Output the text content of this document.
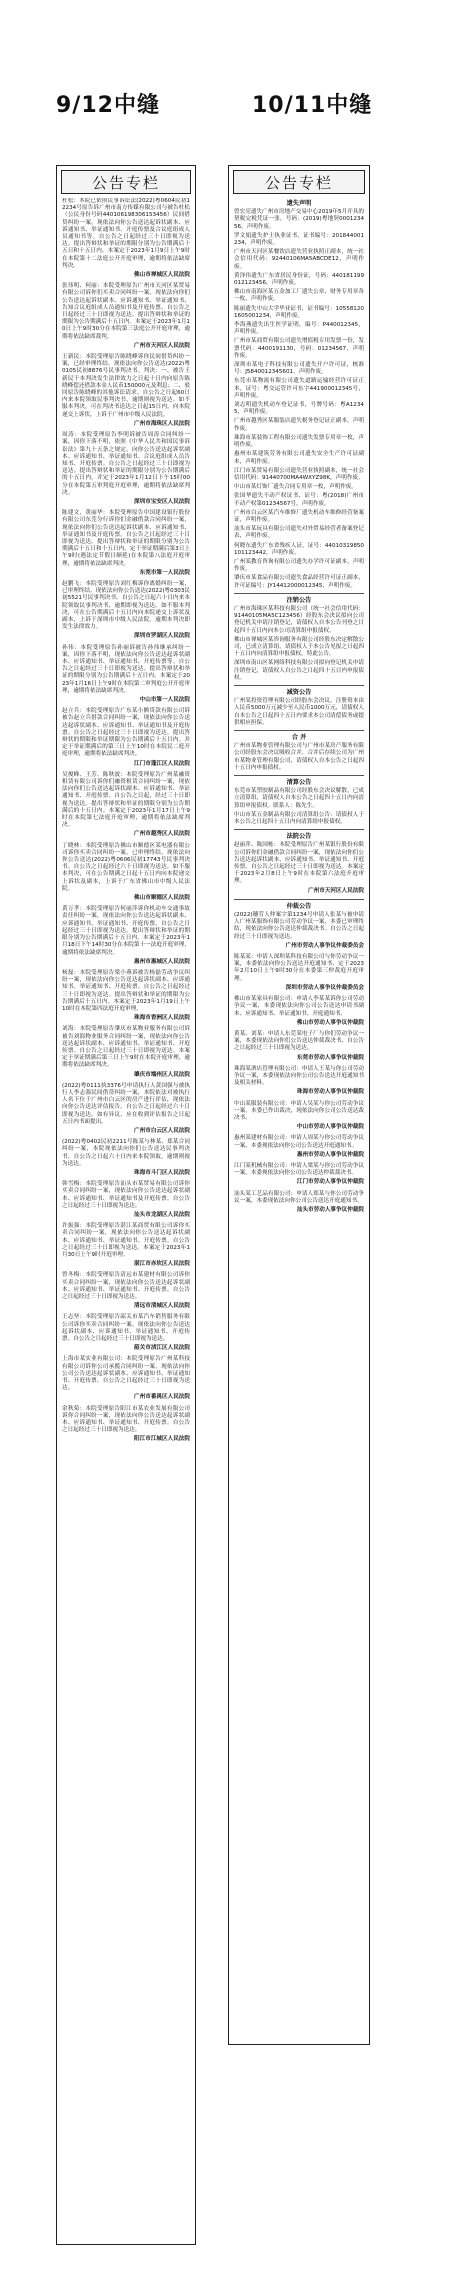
9/12中缝	10/11中缝
公告专栏

杜松：本院已依照民事诉讼法(2022)粤0604民初12234号原告诉广州市南方传媒有限公司与被告杜松（公民身份号码440106198306153456）民间借贷纠纷一案，现依法向你公告送达起诉状副本、应诉通知书、举证通知书、开庭传票及合议庭组成人员通知书等。自公告之日起经过三十日即视为送达。提出答辩状和举证的期限分别为公告期满后十五日和十五日内。本案定于2023年1月9日上午9时在本院第十二法庭公开开庭审理，逾期将依法缺席判决。

佛山市禅城区人民法院

张伟明、何丽：本院受理原告广州市天河区某贸易有限公司诉你们买卖合同纠纷一案，现依法向你们公告送达起诉状副本、应诉通知书、举证通知书、告知合议庭组成人员通知书及开庭传票。自公告之日起经过三十日即视为送达。提出答辩状和举证的期限为公告期满后十五日内。本案定于2023年1月10日上午9时30分在本院第三法庭公开开庭审理，逾期将依法缺席裁判。

广州市天河区人民法院

王新民：本院受理原告陈晓峰诉你民间借贷纠纷一案，已经审理终结。现依法向你公告送达(2022)粤0105民初8876号民事判决书。判决：一、被告王新民于本判决发生法律效力之日起十日内向原告陈晓峰偿还借款本金人民币150000元及利息；二、驳回原告陈晓峰的其他诉讼请求。自公告之日起60日内来本院领取民事判决书，逾期则视为送达。如不服本判决，可在判决书送达之日起15日内，向本院递交上诉状，上诉于广州市中级人民法院。

广州市海珠区人民法院

周涛：本院受理原告李明诉被告周涛合同纠纷一案，因你下落不明，依照《中华人民共和国民事诉讼法》第九十五条之规定，向你公告送达起诉状副本、应诉通知书、举证通知书、合议庭组成人员告知书、开庭传票。自公告之日起经过三十日即视为送达。提出答辩状和举证的期限分别为公告期满后的十五日内。并定于2023年1月12日下午15时00分在本院第五审判庭开庭审理，逾期将依法缺席判决。

深圳市宝安区人民法院

陈建文、黄丽华：本院受理原告中国建设银行股份有限公司东莞分行诉你们金融借款合同纠纷一案，现依法向你们公告送达起诉状副本、应诉通知书、举证通知书及开庭传票。自公告之日起经过三十日即视为送达。提出答辩状和举证的期限分别为公告期满后十五日和十五日内。定于举证期满后第3日上午9时(遇法定节假日顺延)在本院第八法庭开庭审理，逾期将依法缺席判决。

东莞市第一人民法院

赵鹏飞：本院受理原告刘红梅诉你离婚纠纷一案，已审理终结。现依法向你公告送达(2022)粤0303民初5521号民事判决书。自公告之日起六十日内来本院领取民事判决书，逾期即视为送达。如不服本判决，可在公告期满后十五日内向本院递交上诉状及副本，上诉于深圳市中级人民法院。逾期本判决即发生法律效力。

深圳市罗湖区人民法院

孙伟：本院受理原告孙丽诉被告孙伟继承纠纷一案，因你下落不明，现依法向你公告送达起诉状副本、应诉通知书、举证通知书、开庭传票等。自公告之日起经过三十日即视为送达。提出答辩状和举证的期限分别为公告期满后十五日内。本案定于2023年1月16日上午9时在本院第二审判庭公开开庭审理，逾期将依法缺席判决。

中山市第一人民法院

赵立兵：本院受理原告广东某小额贷款有限公司诉被告赵立兵借款合同纠纷一案，现依法向你公告送达起诉状副本、应诉通知书、举证通知书及开庭传票。自公告之日起经过三十日即视为送达。提出答辩状的期限和举证期限为公告期满后十五日内。并定于举证期满后的第三日上午10时在本院民二庭开庭审理，逾期将依法缺席判决。

江门市蓬江区人民法院

吴俊峰、王芳、陈秋波：本院受理原告广州某融资租赁有限公司诉你们融资租赁合同纠纷一案，现依法向你们公告送达起诉状副本、应诉通知书、举证通知书、开庭传票。自公告之日起，经过三十日即视为送达。提出答辩状和举证的期限分别为公告期满后的十五日内。本案定于2023年1月17日上午9时在本院第七法庭开庭审理，逾期将依法缺席判决。

广州市越秀区人民法院

丁晓林：本院受理原告佛山市顺德区某电器有限公司诉你买卖合同纠纷一案，已审理终结，现依法向你公告送达(2022)粤0606民初17743号民事判决书。自公告之日起经过六十日即视为送达。如不服本判决，可在公告期满之日起十五日内向本院递交上诉状及副本，上诉于广东省佛山市中级人民法院。

佛山市顺德区人民法院

黄万孝：本院受理原告何丽萍诉你机动车交通事故责任纠纷一案，现依法向你公告送达起诉状副本、应诉通知书、举证通知书、开庭传票。自公告之日起经过三十日即视为送达。提出答辩状和举证的期限分别为公告期满后十五日内。本案定于2023年1月18日下午14时30分在本院第十一法庭开庭审理，逾期将依法缺席判决。

惠州市惠城区人民法院

杨磊：本院受理原告梁小燕诉被告杨磊劳动争议纠纷一案，现依法向你公告送达起诉状副本、应诉通知书、举证通知书、开庭传票。自公告之日起经过三十日即视为送达。提出答辩状和举证的期限为公告期满后十五日内。本案定于2023年1月19日上午10时在本院第四法庭开庭审理。

珠海市香洲区人民法院

刘海：本院受理原告肇庆市某物业服务有限公司诉被告刘海物业服务合同纠纷一案，现依法向你公告送达起诉状副本、应诉通知书、举证通知书、开庭传票。自公告之日起经过三十日即视为送达。本案定于举证期满后第三日上午9时在本院开庭审理，逾期将依法缺席判决。

肇庆市端州区人民法院

(2022)粤0111执3376号申请执行人黄国强与被执行人李志强民间借贷纠纷一案，本院依法对被执行人名下位于广州市白云区的房产进行评估，现依法向你公告送达评估报告。自公告之日起经过六十日即视为送达。如有异议，应在收到评估报告之日起五日内书面提出。

广州市白云区人民法院

(2022)粤0402民初2211号陈某与林某、郑某合同纠纷一案，本院现依法向你们公告送达民事判决书，自公告之日起六十日内来本院领取，逾期则视为送达。

珠海市斗门区人民法院

韩雪梅：本院受理原告汕头市某贸易有限公司诉你买卖合同纠纷一案，现依法向你公告送达起诉状副本、应诉通知书、举证通知书及开庭传票。自公告之日起经过三十日即视为送达。

汕头市龙湖区人民法院

许振强：本院受理原告湛江某商贸有限公司诉你买卖合同纠纷一案，现依法向你公告送达起诉状副本、应诉通知书、举证通知书、开庭传票。自公告之日起经过三十日即视为送达。本案定于2023年1月30日上午9时开庭审理。

湛江市赤坎区人民法院

曾冬梅：本院受理原告清远市某建材有限公司诉你买卖合同纠纷一案，现依法向你公告送达起诉状副本、应诉通知书、举证通知书、开庭传票。自公告之日起经过三十日即视为送达。

清远市清城区人民法院

王志坚：本院受理原告韶关市某汽车销售服务有限公司诉你买卖合同纠纷一案，现依法向你公告送达起诉状副本、应诉通知书、举证通知书、开庭传票。自公告之日起经过三十日即视为送达。

韶关市浈江区人民法院

上海市某实业有限公司：本院受理原告广州某科技有限公司诉你公司承揽合同纠纷一案，现依法向你公司公告送达起诉状副本、应诉通知书、举证通知书、开庭传票。自公告之日起经过三十日即视为送达。

广州市番禺区人民法院

余秋菊：本院受理原告阳江市某农业发展有限公司诉你合同纠纷一案，现依法向你公告送达起诉状副本、应诉通知书、举证通知书、开庭传票。自公告之日起经过三十日即视为送达。

阳江市江城区人民法院
公告专栏
遗失声明

曾宏亮遗失广州市房地产交易中心2019年5月开具的契税完税凭证一张，号码：(2019)粤地契000123456，声明作废。

罗文娟遗失护士执业证书，证书编号：201844001234，声明作废。

广州市天河区某餐饮店遗失营业执照正副本，统一社会信用代码：92440106MA5ABCDE12，声明作废。

黄泽伟遗失广东省居民身份证，号码：440181199012123456，声明作废。

佛山市南海区某五金加工厂遗失公章、财务专用章各一枚，声明作废。

陈丽遗失中山大学毕业证书，证书编号：105581201605001234，声明作废。

李海燕遗失出生医学证明，编号：P440012345，声明作废。

广州市某商贸有限公司遗失增值税专用发票一份，发票代码：4400191130，号码：01234567，声明作废。

深圳市某电子科技有限公司遗失开户许可证，核准号：J5840012345601，声明作废。

东莞市某物流有限公司遗失道路运输经营许可证正本，证号：粤交运管许可东字441900012345号，声明作废。

刘志明遗失机动车登记证书，号牌号码：粤A12345，声明作废。

广州市越秀区某服装店遗失税务登记证正副本，声明作废。

珠海市某装饰工程有限公司遗失发票专用章一枚，声明作废。

惠州市某建筑劳务有限公司遗失安全生产许可证副本，声明作废。

江门市某贸易有限公司遗失营业执照副本，统一社会信用代码：91440700MA4WXYZ98K，声明作废。

中山市某灯饰厂遗失合同专用章一枚，声明作废。

张国华遗失不动产权证书，证号：粤(2018)广州市不动产权第01234567号，声明作废。

广州市白云区某汽车维修厂遗失机动车维修经营备案证，声明作废。

汕头市某玩具有限公司遗失对外贸易经营者备案登记表，声明作废。

何晓东遗失广东省残疾人证，证号：44010319850101123442，声明作废。

广州某教育咨询有限公司遗失办学许可证副本，声明作废。

肇庆市某食品有限公司遗失食品经营许可证正副本，许可证编号：JY14412000012345，声明作废。

注销公告

广州市海珠区某科技有限公司（统一社会信用代码：91440105MA5C123456）经股东会决议拟向公司登记机关申请注销登记，请债权人自本公告刊登之日起四十五日内向本公司清算组申报债权。

佛山市禅城区某咨询服务有限公司经股东决定解散公司，已成立清算组，请债权人于本公告见报之日起四十五日内向清算组申报债权，特此公告。

深圳市南山区某网络科技有限公司拟向登记机关申请注销登记，请债权人自公告之日起四十五日内申报债权。

减资公告

广州某投资管理有限公司经股东会决议，注册资本由人民币5000万元减少至人民币1000万元，请债权人自本公告之日起四十五日内要求本公司清偿债务或提供相应担保。

合 并

广州市某物业管理有限公司与广州市某房产服务有限公司经股东会决议吸收合并，合并后存续公司为广州市某物业管理有限公司，请债权人自本公告之日起四十五日内申报债权。

清算公告

东莞市某塑胶制品有限公司经股东会决议解散，已成立清算组，请债权人自本公告之日起四十五日内向清算组申报债权。联系人：陈先生。

中山市某五金制品有限公司清算组公告：请债权人于本公告之日起四十五日内向清算组申报债权。

法院公告

赵丽萍、陈国栋：本院受理原告广州某银行股份有限公司诉你们金融借款合同纠纷一案，现依法向你们公告送达起诉状副本、应诉通知书、举证通知书、开庭传票。自公告之日起经过三十日即视为送达。本案定于2023年2月8日上午9时在本院第六法庭开庭审理。

广州市天河区人民法院
仲裁公告

(2022)穗劳人仲案字第1234号申请人张某与被申请人广州某服饰有限公司劳动争议一案，本委已审理终结，现依法向你公告送达仲裁裁决书。自公告之日起经过三十日即视为送达。

广州市劳动人事争议仲裁委员会

陈某某：申请人深圳某科技有限公司与你劳动争议一案，本委依法向你公告送达开庭通知书，定于2023年2月10日上午9时30分在本委第三仲裁庭开庭审理。

深圳市劳动人事争议仲裁委员会

佛山市某家具有限公司：申请人李某某诉你公司劳动争议一案，本委现依法向你公司公告送达申请书副本、应诉通知书、举证通知书、开庭通知书。

佛山市劳动人事争议仲裁院

黄某、刘某：申请人东莞某电子厂与你们劳动争议一案，本委现依法向你们公告送达仲裁裁决书，自公告之日起经过三十日即视为送达。

东莞市劳动人事争议仲裁院

珠海某酒店管理有限公司：申请人王某与你公司劳动争议一案，本委现依法向你公司公告送达开庭通知书及相关材料。

珠海市劳动人事争议仲裁院

中山某服装有限公司：申请人吴某与你公司劳动争议一案，本委已作出裁决，现依法向你公司公告送达裁决书。

中山市劳动人事争议仲裁院

惠州某建材有限公司：申请人周某与你公司劳动争议一案，本委现依法向你公司公告送达开庭通知书。

惠州市劳动人事争议仲裁院

江门某机械有限公司：申请人梁某与你公司劳动争议一案，本委现依法向你公司公告送达仲裁裁决书。

江门市劳动人事争议仲裁院

汕头某工艺品有限公司：申请人郑某与你公司劳动争议一案，本委现依法向你公司公告送达开庭通知书。

汕头市劳动人事争议仲裁院
